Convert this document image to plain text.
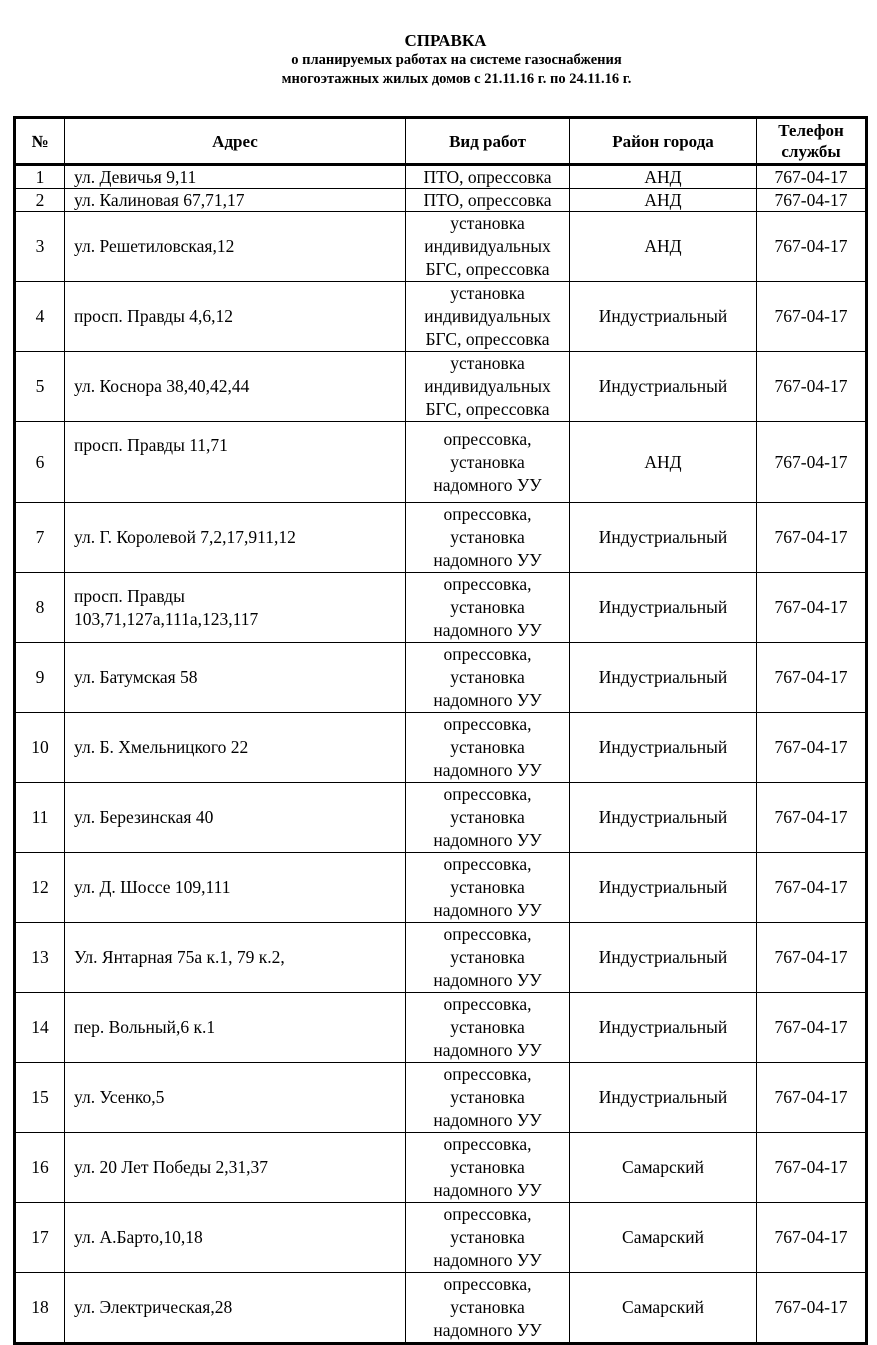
СПРАВКА
о планируемых работах на системе газоснабжения
многоэтажных жилых домов с 21.11.16 г. по 24.11.16 г.
№	Адрес	Вид работ	Район города	Телефон
службы

1	ул. Девичья 9,11	ПТО, опрессовка	АНД	767-04-17
2	ул. Калиновая 67,71,17	ПТО, опрессовка	АНД	767-04-17
3	ул. Решетиловская,12	установка
индивидуальных
БГС, опрессовка	АНД	767-04-17
4	просп. Правды 4,6,12	установка
индивидуальных
БГС, опрессовка	Индустриальный	767-04-17
5	ул. Коснора 38,40,42,44	установка
индивидуальных
БГС, опрессовка	Индустриальный	767-04-17
6	просп. Правды 11,71	опрессовка,
установка
надомного УУ	АНД	767-04-17
7	ул. Г. Королевой 7,2,17,911,12	опрессовка,
установка
надомного УУ	Индустриальный	767-04-17
8	просп. Правды
103,71,127а,111а,123,117	опрессовка,
установка
надомного УУ	Индустриальный	767-04-17
9	ул. Батумская 58	опрессовка,
установка
надомного УУ	Индустриальный	767-04-17
10	ул. Б. Хмельницкого 22	опрессовка,
установка
надомного УУ	Индустриальный	767-04-17
11	ул. Березинская 40	опрессовка,
установка
надомного УУ	Индустриальный	767-04-17
12	ул. Д. Шоссе 109,111	опрессовка,
установка
надомного УУ	Индустриальный	767-04-17
13	Ул. Янтарная 75а к.1, 79 к.2,	опрессовка,
установка
надомного УУ	Индустриальный	767-04-17
14	пер. Вольный,6 к.1	опрессовка,
установка
надомного УУ	Индустриальный	767-04-17
15	ул. Усенко,5	опрессовка,
установка
надомного УУ	Индустриальный	767-04-17
16	ул. 20 Лет Победы 2,31,37	опрессовка,
установка
надомного УУ	Самарский	767-04-17
17	ул. А.Барто,10,18	опрессовка,
установка
надомного УУ	Самарский	767-04-17
18	ул. Электрическая,28	опрессовка,
установка
надомного УУ	Самарский	767-04-17
